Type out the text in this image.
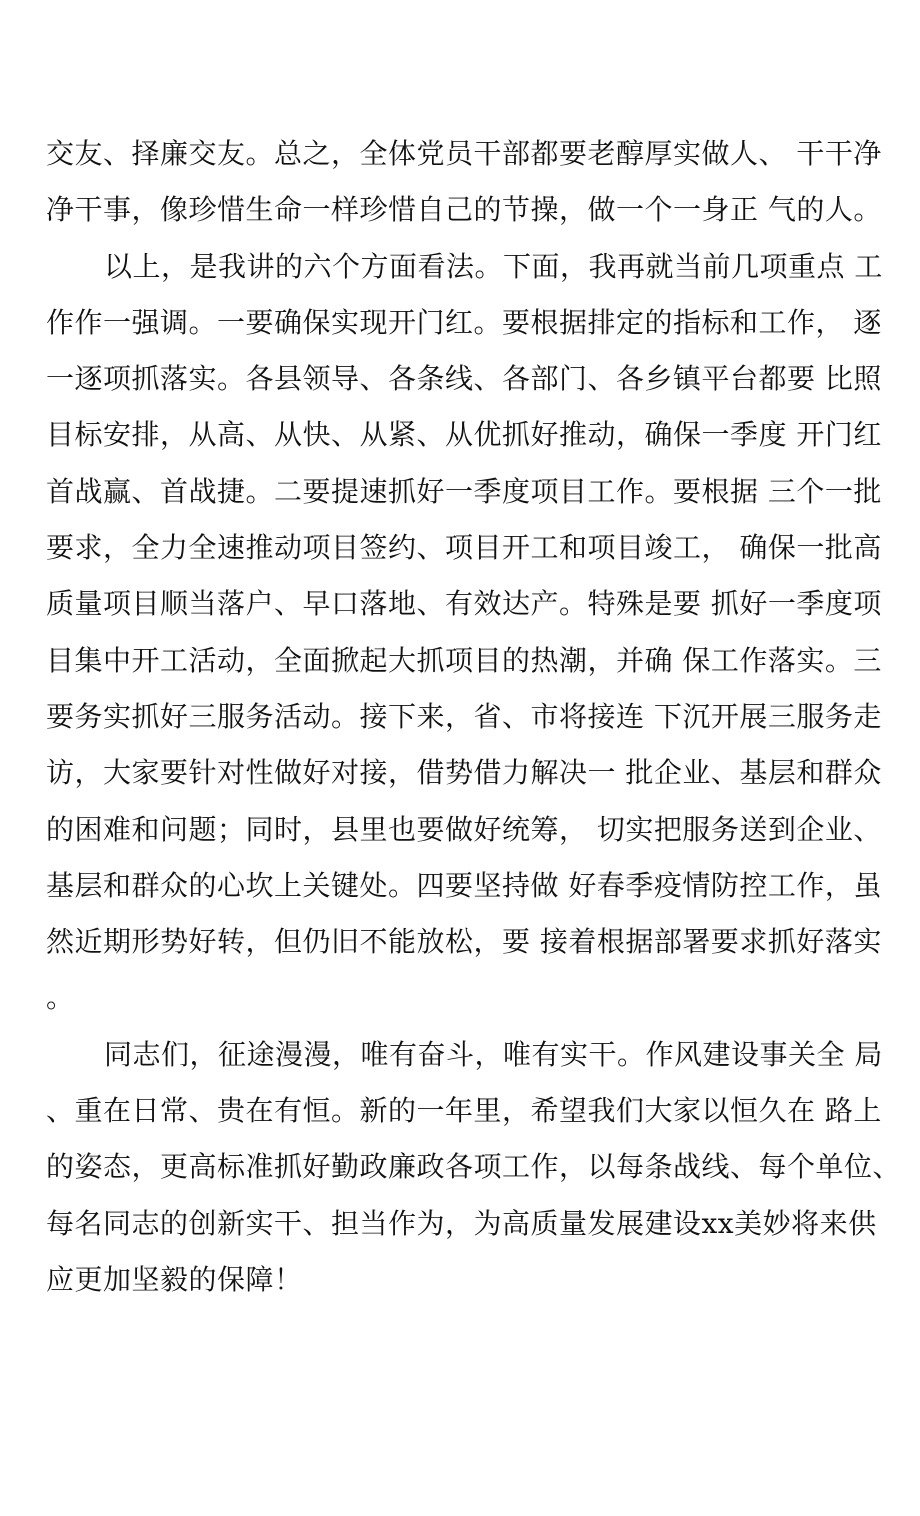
交友、择廉交友。总之，全体党员干部都要老醇厚实做人、 干干净
净干事，像珍惜生命一样珍惜自己的节操，做一个一身正 气的人。
以上，是我讲的六个方面看法。下面，我再就当前几项重点 工
作作一强调。一要确保实现开门红。要根据排定的指标和工作， 逐
一逐项抓落实。各县领导、各条线、各部门、各乡镇平台都要 比照
目标安排，从高、从快、从紧、从优抓好推动，确保一季度 开门红
首战赢、首战捷。二要提速抓好一季度项目工作。要根据 三个一批
要求，全力全速推动项目签约、项目开工和项目竣工， 确保一批高
质量项目顺当落户、早口落地、有效达产。特殊是要 抓好一季度项
目集中开工活动，全面掀起大抓项目的热潮，并确 保工作落实。三
要务实抓好三服务活动。接下来，省、市将接连 下沉开展三服务走
访，大家要针对性做好对接，借势借力解决一 批企业、基层和群众
的困难和问题；同时，县里也要做好统筹， 切实把服务送到企业、
基层和群众的心坎上关键处。四要坚持做 好春季疫情防控工作，虽
然近期形势好转，但仍旧不能放松，要 接着根据部署要求抓好落实
。
同志们，征途漫漫，唯有奋斗，唯有实干。作风建设事关全 局
、重在日常、贵在有恒。新的一年里，希望我们大家以恒久在 路上
的姿态，更高标准抓好勤政廉政各项工作，以每条战线、每个单位、
每名同志的创新实干、担当作为，为高质量发展建设xx美妙将来供
应更加坚毅的保障！
